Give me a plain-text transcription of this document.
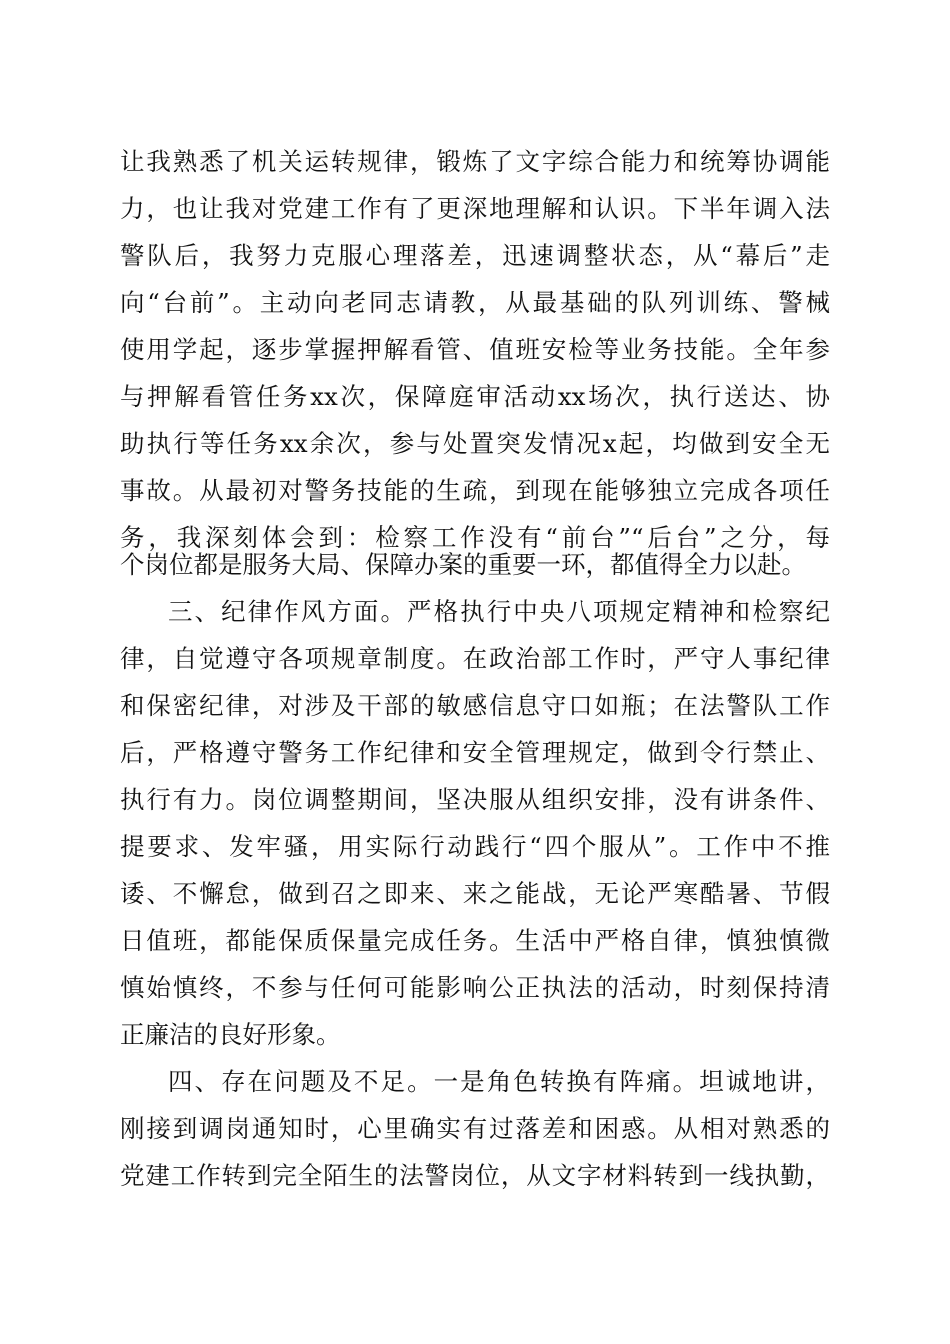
让我熟悉了机关运转规律，锻炼了文字综合能力和统筹协调能
力，也让我对党建工作有了更深地理解和认识。下半年调入法
警队后，我努力克服心理落差，迅速调整状态，从“幕后”走
向“台前”。主动向老同志请教，从最基础的队列训练、警械
使用学起，逐步掌握押解看管、值班安检等业务技能。全年参
与押解看管任务xx次，保障庭审活动xx场次，执行送达、协
助执行等任务xx余次，参与处置突发情况x起，均做到安全无
事故。从最初对警务技能的生疏，到现在能够独立完成各项任
务，我深刻体会到：检察工作没有“前台”“后台”之分，每
个岗位都是服务大局、保障办案的重要一环，都值得全力以赴。
三、纪律作风方面。严格执行中央八项规定精神和检察纪
律，自觉遵守各项规章制度。在政治部工作时，严守人事纪律
和保密纪律，对涉及干部的敏感信息守口如瓶；在法警队工作
后，严格遵守警务工作纪律和安全管理规定，做到令行禁止、
执行有力。岗位调整期间，坚决服从组织安排，没有讲条件、
提要求、发牢骚，用实际行动践行“四个服从”。工作中不推
诿、不懈怠，做到召之即来、来之能战，无论严寒酷暑、节假
日值班，都能保质保量完成任务。生活中严格自律，慎独慎微
慎始慎终，不参与任何可能影响公正执法的活动，时刻保持清
正廉洁的良好形象。
四、存在问题及不足。一是角色转换有阵痛。坦诚地讲，
刚接到调岗通知时，心里确实有过落差和困惑。从相对熟悉的
党建工作转到完全陌生的法警岗位，从文字材料转到一线执勤，
